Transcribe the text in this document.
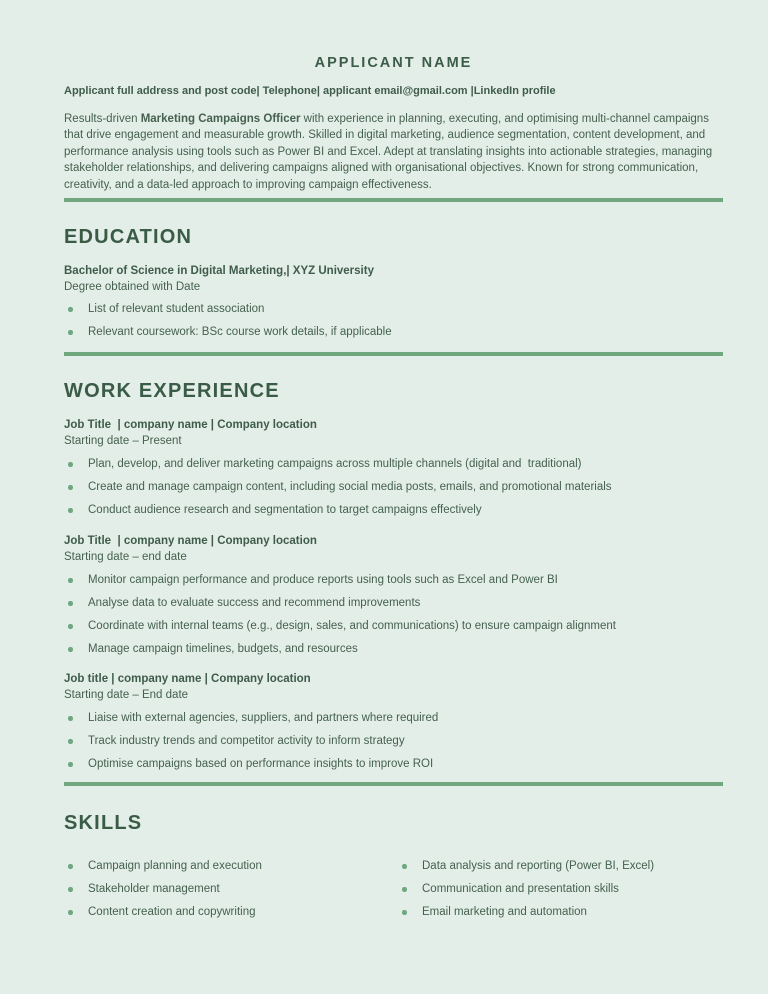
APPLICANT NAME
Applicant full address and post code| Telephone| applicant email@gmail.com |LinkedIn profile

Results-driven Marketing Campaigns Officer with experience in planning, executing, and optimising multi-channel campaigns that drive engagement and measurable growth. Skilled in digital marketing, audience segmentation, content development, and performance analysis using tools such as Power BI and Excel. Adept at translating insights into actionable strategies, managing stakeholder relationships, and delivering campaigns aligned with organisational objectives. Known for strong communication, creativity, and a data-led approach to improving campaign effectiveness.

EDUCATION
Bachelor of Science in Digital Marketing,| XYZ University
Degree obtained with Date
List of relevant student association
Relevant coursework: BSc course work details, if applicable
WORK EXPERIENCE
Job Title  | company name | Company location
Starting date – Present
Plan, develop, and deliver marketing campaigns across multiple channels (digital and  traditional)
Create and manage campaign content, including social media posts, emails, and promotional materials
Conduct audience research and segmentation to target campaigns effectively
Job Title  | company name | Company location
Starting date – end date
Monitor campaign performance and produce reports using tools such as Excel and Power BI
Analyse data to evaluate success and recommend improvements
Coordinate with internal teams (e.g., design, sales, and communications) to ensure campaign alignment
Manage campaign timelines, budgets, and resources
Job title | company name | Company location
Starting date – End date
Liaise with external agencies, suppliers, and partners where required
Track industry trends and competitor activity to inform strategy
Optimise campaigns based on performance insights to improve ROI
SKILLS
Campaign planning and execution
Stakeholder management
Content creation and copywriting
Data analysis and reporting (Power BI, Excel)
Communication and presentation skills
Email marketing and automation
